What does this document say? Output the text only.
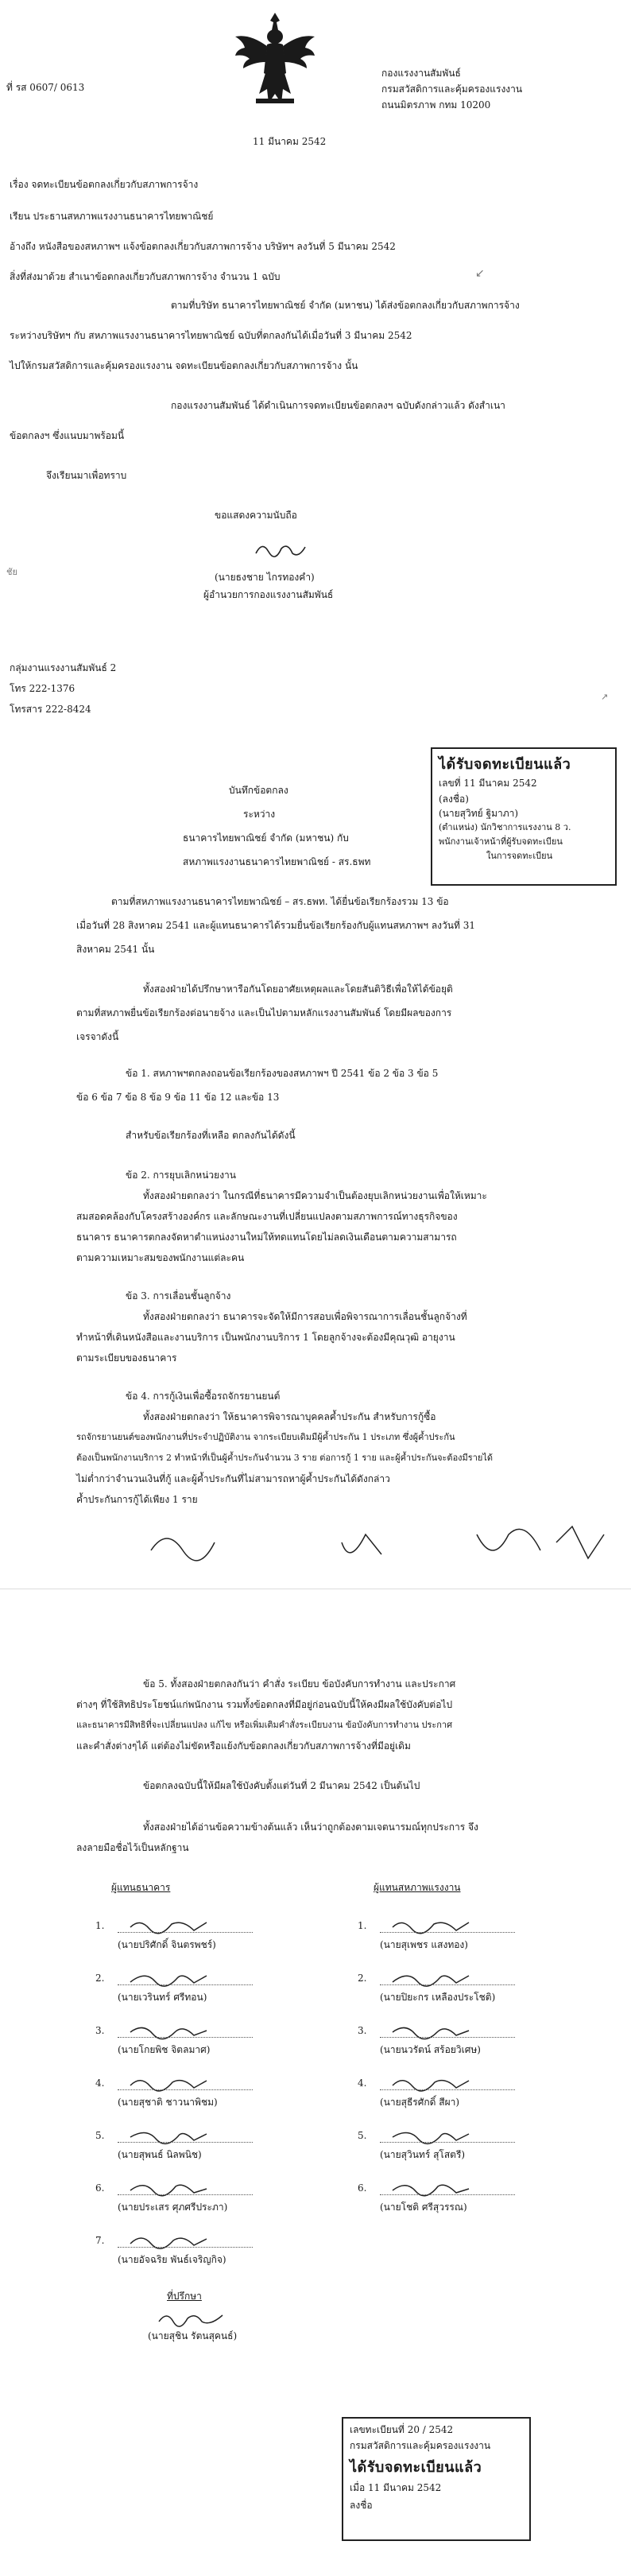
ที่ รส 0607/ 0613
กองแรงงานสัมพันธ์
กรมสวัสดิการและคุ้มครองแรงงาน
ถนนมิตรภาพ กทม 10200
11 มีนาคม 2542
เรื่อง จดทะเบียนข้อตกลงเกี่ยวกับสภาพการจ้าง
เรียน ประธานสหภาพแรงงานธนาคารไทยพาณิชย์
อ้างถึง หนังสือของสหภาพฯ แจ้งข้อตกลงเกี่ยวกับสภาพการจ้าง บริษัทฯ ลงวันที่ 5 มีนาคม 2542
สิ่งที่ส่งมาด้วย สำเนาข้อตกลงเกี่ยวกับสภาพการจ้าง จำนวน 1 ฉบับ	↙
ตามที่บริษัท ธนาคารไทยพาณิชย์ จำกัด (มหาชน) ได้ส่งข้อตกลงเกี่ยวกับสภาพการจ้าง
ระหว่างบริษัทฯ กับ สหภาพแรงงานธนาคารไทยพาณิชย์ ฉบับที่ตกลงกันได้เมื่อวันที่ 3 มีนาคม 2542
ไปให้กรมสวัสดิการและคุ้มครองแรงงาน จดทะเบียนข้อตกลงเกี่ยวกับสภาพการจ้าง นั้น
กองแรงงานสัมพันธ์ ได้ดำเนินการจดทะเบียนข้อตกลงฯ ฉบับดังกล่าวแล้ว ดังสำเนา
ข้อตกลงฯ ซึ่งแนบมาพร้อมนี้
จึงเรียนมาเพื่อทราบ
ขอแสดงความนับถือ
(นายธงชาย ไกรทองคำ)
ผู้อำนวยการกองแรงงานสัมพันธ์
ชัย
↗
กลุ่มงานแรงงานสัมพันธ์ 2
โทร 222-1376
โทรสาร 222-8424
ได้รับจดทะเบียนแล้ว
เลขที่ 11 มีนาคม 2542
(ลงชื่อ)
(นายสุวิทย์ ฐิมาภา)
(ตำแหน่ง) นักวิชาการแรงงาน 8 ว.
พนักงานเจ้าหน้าที่ผู้รับจดทะเบียน
ในการจดทะเบียน
บันทึกข้อตกลง
ระหว่าง
ธนาคารไทยพาณิชย์ จำกัด (มหาชน) กับ
สหภาพแรงงานธนาคารไทยพาณิชย์ - สร.ธพท
ตามที่สหภาพแรงงานธนาคารไทยพาณิชย์ – สร.ธพท. ได้ยื่นข้อเรียกร้องรวม 13 ข้อ
เมื่อวันที่ 28 สิงหาคม 2541 และผู้แทนธนาคารได้รวมยื่นข้อเรียกร้องกับผู้แทนสหภาพฯ ลงวันที่ 31
สิงหาคม 2541 นั้น
ทั้งสองฝ่ายได้ปรึกษาหารือกันโดยอาศัยเหตุผลและโดยสันติวิธีเพื่อให้ได้ข้อยุติ
ตามที่สหภาพยื่นข้อเรียกร้องต่อนายจ้าง และเป็นไปตามหลักแรงงานสัมพันธ์ โดยมีผลของการ
เจรจาดังนี้
ข้อ 1. สหภาพฯตกลงถอนข้อเรียกร้องของสหภาพฯ ปี 2541 ข้อ 2 ข้อ 3 ข้อ 5
ข้อ 6 ข้อ 7 ข้อ 8 ข้อ 9 ข้อ 11 ข้อ 12 และข้อ 13
สำหรับข้อเรียกร้องที่เหลือ ตกลงกันได้ดังนี้
ข้อ 2. การยุบเลิกหน่วยงาน
ทั้งสองฝ่ายตกลงว่า ในกรณีที่ธนาคารมีความจำเป็นต้องยุบเลิกหน่วยงานเพื่อให้เหมาะ
สมสอดคล้องกับโครงสร้างองค์กร และลักษณะงานที่เปลี่ยนแปลงตามสภาพการณ์ทางธุรกิจของ
ธนาคาร ธนาคารตกลงจัดหาตำแหน่งงานใหม่ให้ทดแทนโดยไม่ลดเงินเดือนตามความสามารถ
ตามความเหมาะสมของพนักงานแต่ละคน
ข้อ 3. การเลื่อนชั้นลูกจ้าง
ทั้งสองฝ่ายตกลงว่า ธนาคารจะจัดให้มีการสอบเพื่อพิจารณาการเลื่อนชั้นลูกจ้างที่
ทำหน้าที่เดินหนังสือและงานบริการ เป็นพนักงานบริการ 1 โดยลูกจ้างจะต้องมีคุณวุฒิ อายุงาน
ตามระเบียบของธนาคาร
ข้อ 4. การกู้เงินเพื่อซื้อรถจักรยานยนต์
ทั้งสองฝ่ายตกลงว่า ให้ธนาคารพิจารณาบุคคลค้ำประกัน สำหรับการกู้ซื้อ
รถจักรยานยนต์ของพนักงานที่ประจำปฏิบัติงาน จากระเบียบเดิมมีผู้ค้ำประกัน 1 ประเภท ซึ่งผู้ค้ำประกัน
ต้องเป็นพนักงานบริการ 2 ทำหน้าที่เป็นผู้ค้ำประกันจำนวน 3 ราย ต่อการกู้ 1 ราย และผู้ค้ำประกันจะต้องมีรายได้
ไม่ต่ำกว่าจำนวนเงินที่กู้ และผู้ค้ำประกันที่ไม่สามารถหาผู้ค้ำประกันได้ดังกล่าว
ค้ำประกันการกู้ได้เพียง 1 ราย
ข้อ 5. ทั้งสองฝ่ายตกลงกันว่า คำสั่ง ระเบียบ ข้อบังคับการทำงาน และประกาศ
ต่างๆ ที่ใช้สิทธิประโยชน์แก่พนักงาน รวมทั้งข้อตกลงที่มีอยู่ก่อนฉบับนี้ให้คงมีผลใช้บังคับต่อไป
และธนาคารมีสิทธิที่จะเปลี่ยนแปลง แก้ไข หรือเพิ่มเติมคำสั่งระเบียบงาน ข้อบังคับการทำงาน ประกาศ
และคำสั่งต่างๆได้ แต่ต้องไม่ขัดหรือแย้งกับข้อตกลงเกี่ยวกับสภาพการจ้างที่มีอยู่เดิม
ข้อตกลงฉบับนี้ให้มีผลใช้บังคับตั้งแต่วันที่ 2 มีนาคม 2542 เป็นต้นไป
ทั้งสองฝ่ายได้อ่านข้อความข้างต้นแล้ว เห็นว่าถูกต้องตามเจตนารมณ์ทุกประการ จึง
ลงลายมือชื่อไว้เป็นหลักฐาน
ผู้แทนธนาคาร	ผู้แทนสหภาพแรงงาน
1.
(นายปริศักดิ์ จินตรพชร์)
2.
(นายเวรินทร์ ศรีทอน)
3.
(นายโกยพิช จิตลมาศ)
4.
(นายสุชาติ ชาวนาพิชม)
5.
(นายสุพนธ์ นิลพนิช)
6.
(นายประเสร ศุภศรีประภา)
7.
(นายอัจฉริย พันธ์เจริญกิจ)
1.
(นายสุเพชร แสงทอง)
2.
(นายปิยะกร เหลืองประโชติ)
3.
(นายนวรัตน์ สร้อยวิเศษ)
4.
(นายสุธีรศักดิ์ สีผา)
5.
(นายสุวินทร์ สุโสตรี)
6.
(นายโชติ ศรีสุวรรณ)
ที่ปรึกษา
(นายสุชิน รัตนสุคนธ์)
เลขทะเบียนที่ 20 / 2542
กรมสวัสดิการและคุ้มครองแรงงาน
ได้รับจดทะเบียนแล้ว
เมื่อ 11 มีนาคม 2542
ลงชื่อ
